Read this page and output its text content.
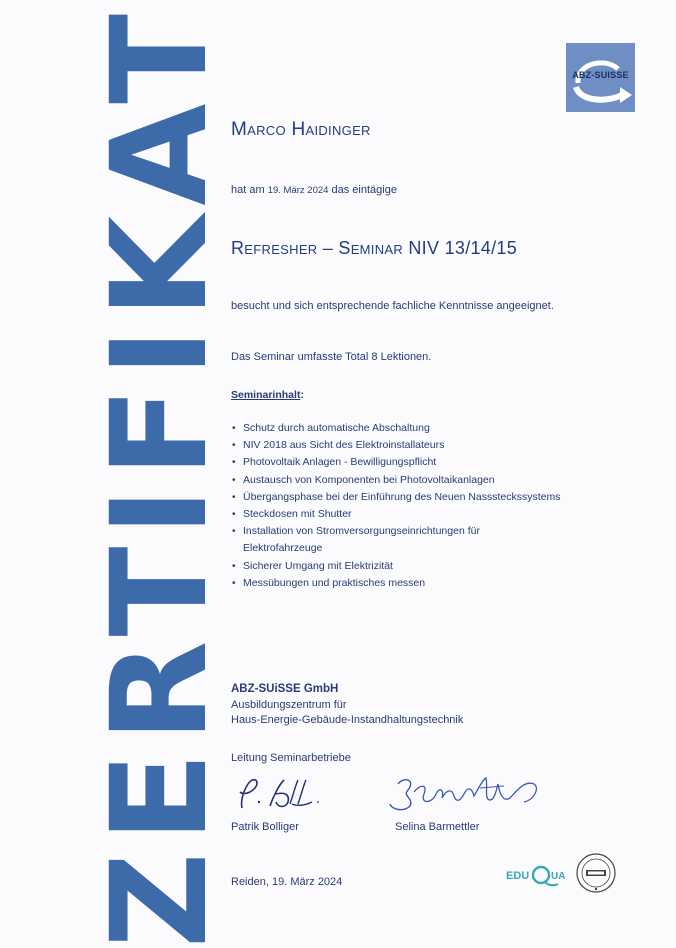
ZERTIFIKAT	ABZ-SUISSE
Marco Haidinger
hat am 19. März 2024 das eintägige
Refresher – Seminar NIV 13/14/15
besucht und sich entsprechende fachliche Kenntnisse angeeignet.
Das Seminar umfasste Total 8 Lektionen.
Seminarinhalt:
• Schutz durch automatische Abschaltung
• NIV 2018 aus Sicht des Elektroinstallateurs
• Photovoltaik Anlagen - Bewilligungspflicht
• Austausch von Komponenten bei Photovoltaikanlagen
• Übergangsphase bei der Einführung des Neuen Nasssteckssystems
• Steckdosen mit Shutter
• Installation von Stromversorgungseinrichtungen für Elektrofahrzeuge
• Sicherer Umgang mit Elektrizität
• Messübungen und praktisches messen
ABZ-SUiSSE GmbH
Ausbildungszentrum für
Haus-Energie-Gebäude-Instandhaltungstechnik
Leitung Seminarbetriebe
Patrik Bolliger	Selina Barmettler
Reiden, 19. März 2024	EDU UA
